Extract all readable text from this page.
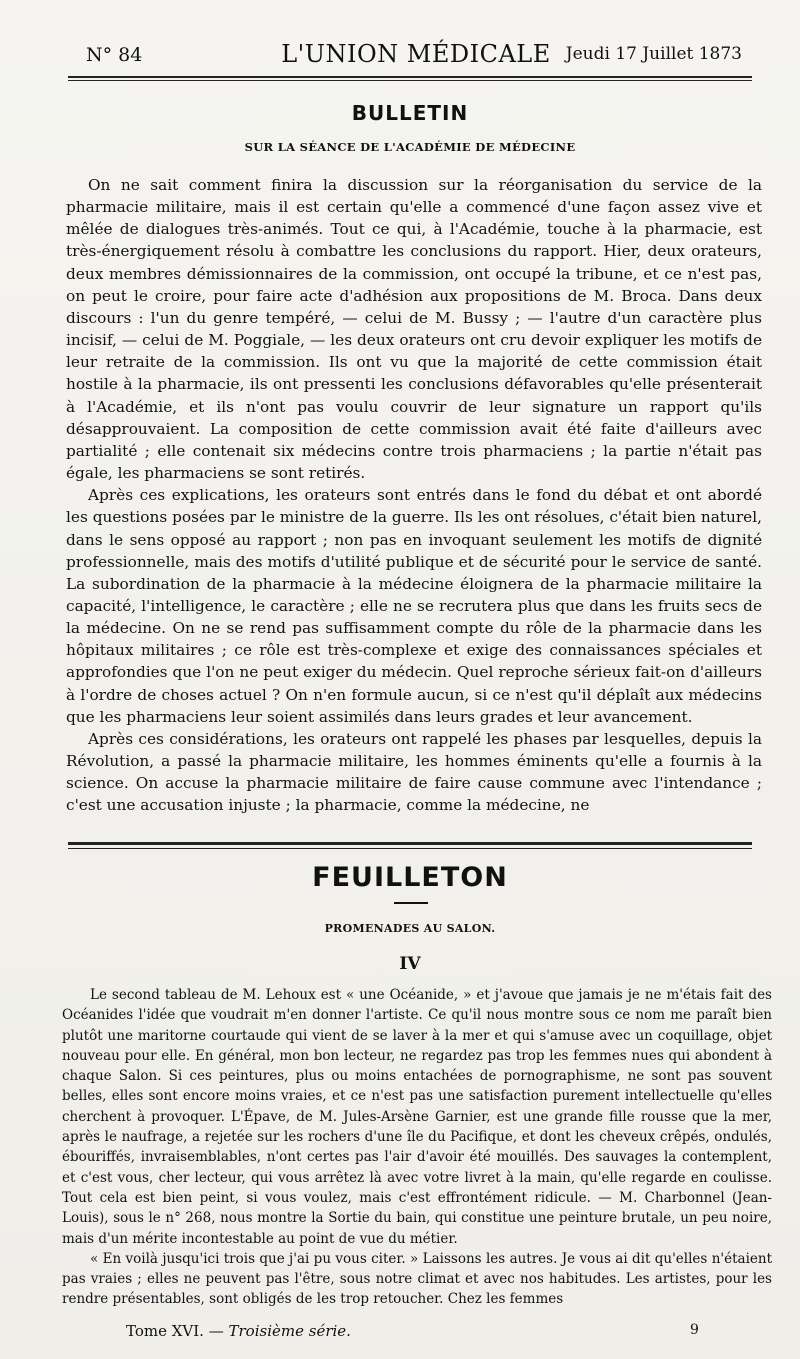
N° 84	L'UNION MÉDICALE Jeudi 17 Juillet 1873
BULLETIN
SUR LA SÉANCE DE L'ACADÉMIE DE MÉDECINE

On ne sait comment finira la discussion sur la réorganisation du service de la pharmacie militaire, mais il est certain qu'elle a commencé d'une façon assez vive et mêlée de dialogues très-animés. Tout ce qui, à l'Académie, touche à la pharmacie, est très-énergiquement résolu à combattre les conclusions du rapport. Hier, deux orateurs, deux membres démissionnaires de la commission, ont occupé la tribune, et ce n'est pas, on peut le croire, pour faire acte d'adhésion aux propositions de M. Broca. Dans deux discours : l'un du genre tempéré, — celui de M. Bussy ; — l'autre d'un caractère plus incisif, — celui de M. Poggiale, — les deux orateurs ont cru devoir expliquer les motifs de leur retraite de la commission. Ils ont vu que la majorité de cette commission était hostile à la pharmacie, ils ont pressenti les conclusions défavorables qu'elle présenterait à l'Académie, et ils n'ont pas voulu couvrir de leur signature un rapport qu'ils désapprouvaient. La composition de cette commission avait été faite d'ailleurs avec partialité ; elle contenait six médecins contre trois pharmaciens ; la partie n'était pas égale, les pharmaciens se sont retirés.

Après ces explications, les orateurs sont entrés dans le fond du débat et ont abordé les questions posées par le ministre de la guerre. Ils les ont résolues, c'était bien naturel, dans le sens opposé au rapport ; non pas en invoquant seulement les motifs de dignité professionnelle, mais des motifs d'utilité publique et de sécurité pour le service de santé. La subordination de la pharmacie à la médecine éloignera de la pharmacie militaire la capacité, l'intelligence, le caractère ; elle ne se recrutera plus que dans les fruits secs de la médecine. On ne se rend pas suffisamment compte du rôle de la pharmacie dans les hôpitaux militaires ; ce rôle est très-complexe et exige des connaissances spéciales et approfondies que l'on ne peut exiger du médecin. Quel reproche sérieux fait-on d'ailleurs à l'ordre de choses actuel ? On n'en formule aucun, si ce n'est qu'il déplaît aux médecins que les pharmaciens leur soient assimilés dans leurs grades et leur avancement.

Après ces considérations, les orateurs ont rappelé les phases par lesquelles, depuis la Révolution, a passé la pharmacie militaire, les hommes éminents qu'elle a fournis à la science. On accuse la pharmacie militaire de faire cause commune avec l'intendance ; c'est une accusation injuste ; la pharmacie, comme la médecine, ne

FEUILLETON
PROMENADES AU SALON.
IV

Le second tableau de M. Lehoux est « une Océanide, » et j'avoue que jamais je ne m'étais fait des Océanides l'idée que voudrait m'en donner l'artiste. Ce qu'il nous montre sous ce nom me paraît bien plutôt une maritorne courtaude qui vient de se laver à la mer et qui s'amuse avec un coquillage, objet nouveau pour elle. En général, mon bon lecteur, ne regardez pas trop les femmes nues qui abondent à chaque Salon. Si ces peintures, plus ou moins entachées de pornographisme, ne sont pas souvent belles, elles sont encore moins vraies, et ce n'est pas une satisfaction purement intellectuelle qu'elles cherchent à provoquer. L'Épave, de M. Jules-Arsène Garnier, est une grande fille rousse que la mer, après le naufrage, a rejetée sur les rochers d'une île du Pacifique, et dont les cheveux crêpés, ondulés, ébouriffés, invraisemblables, n'ont certes pas l'air d'avoir été mouillés. Des sauvages la contemplent, et c'est vous, cher lecteur, qui vous arrêtez là avec votre livret à la main, qu'elle regarde en coulisse. Tout cela est bien peint, si vous voulez, mais c'est effrontément ridicule. — M. Charbonnel (Jean-Louis), sous le n° 268, nous montre la Sortie du bain, qui constitue une peinture brutale, un peu noire, mais d'un mérite incontestable au point de vue du métier.

« En voilà jusqu'ici trois que j'ai pu vous citer. » Laissons les autres. Je vous ai dit qu'elles n'étaient pas vraies ; elles ne peuvent pas l'être, sous notre climat et avec nos habitudes. Les artistes, pour les rendre présentables, sont obligés de les trop retoucher. Chez les femmes

Tome XVI. — Troisième série.	9
